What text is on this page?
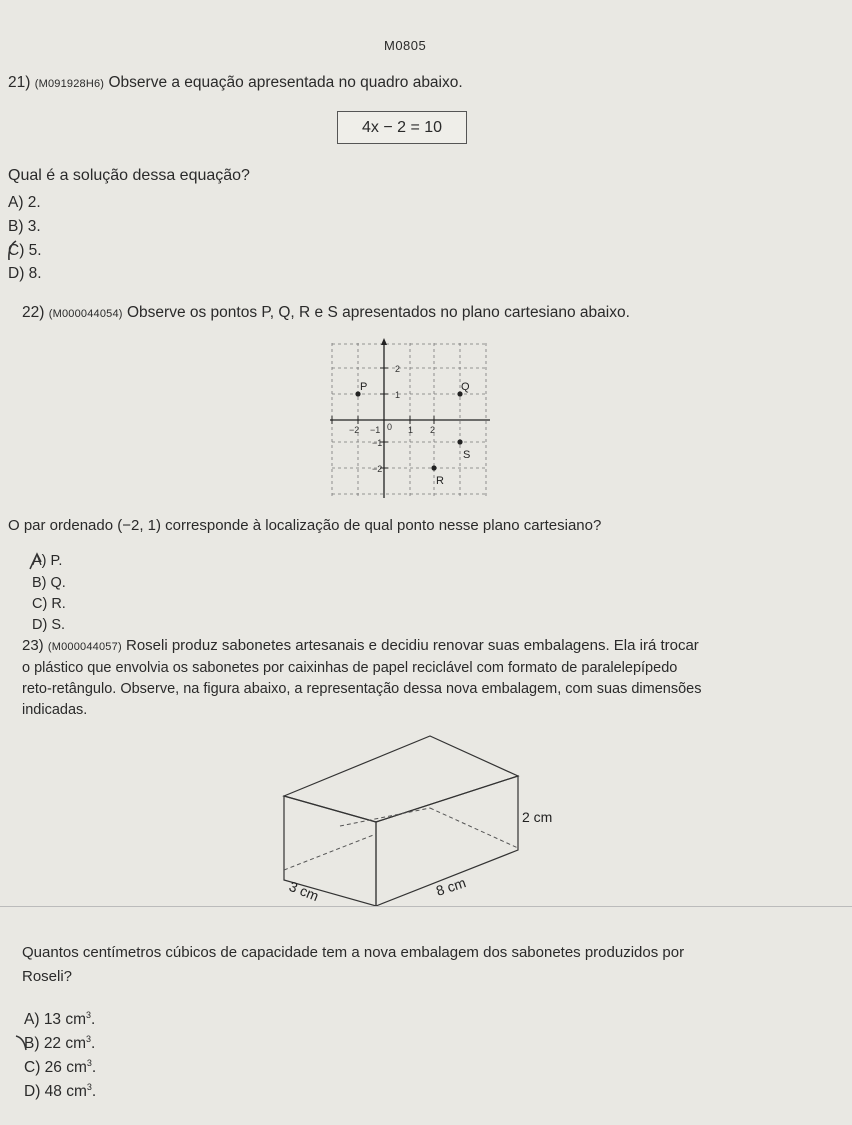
M0805
21) (M091928H6) Observe a equação apresentada no quadro abaixo.
4x − 2 = 10
Qual é a solução dessa equação?
A) 2.
B) 3.
C) 5.
D) 8.
22) (M000044054) Observe os pontos P, Q, R e S apresentados no plano cartesiano abaixo.
−2 −1 0 1 2
2
1
−1
−2
P	Q
S
R
O par ordenado (−2, 1) corresponde à localização de qual ponto nesse plano cartesiano?
A) P.
B) Q.
C) R.
D) S.
23) (M000044057) Roseli produz sabonetes artesanais e decidiu renovar suas embalagens. Ela irá trocar
o plástico que envolvia os sabonetes por caixinhas de papel reciclável com formato de paralelepípedo
reto-retângulo. Observe, na figura abaixo, a representação dessa nova embalagem, com suas dimensões
indicadas.
2 cm
8 cm
3 cm
Quantos centímetros cúbicos de capacidade tem a nova embalagem dos sabonetes produzidos por
Roseli?
A) 13 $cm^3$.
B) 22 $cm^3$.
C) 26 $cm^3$.
D) 48 $cm^3$.
